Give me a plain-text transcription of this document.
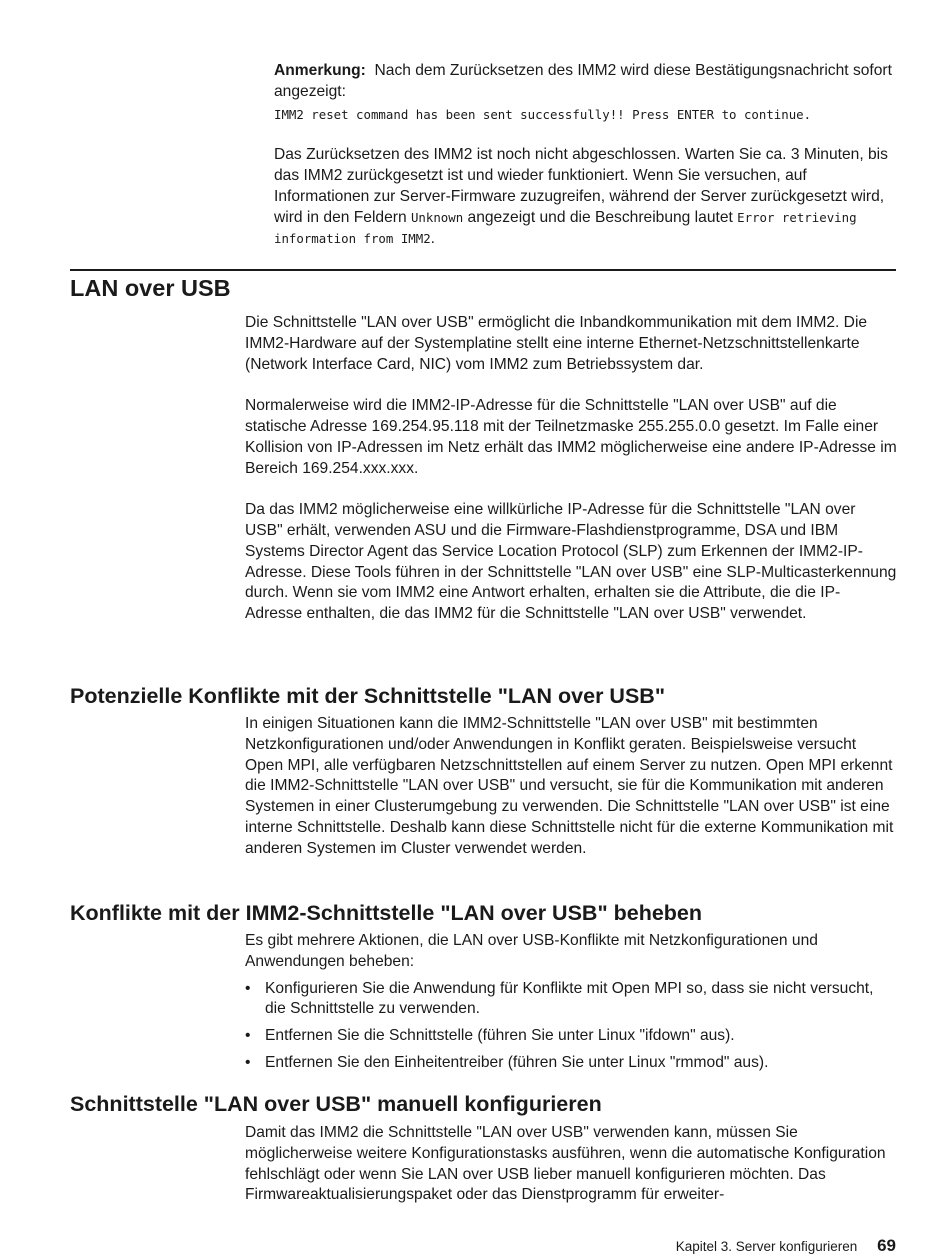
Anmerkung: Nach dem Zurücksetzen des IMM2 wird diese Bestätigungsnachricht sofort angezeigt:
IMM2 reset command has been sent successfully!! Press ENTER to continue.
Das Zurücksetzen des IMM2 ist noch nicht abgeschlossen. Warten Sie ca. 3 Minuten, bis das IMM2 zurückgesetzt ist und wieder funktioniert. Wenn Sie versuchen, auf Informationen zur Server-Firmware zuzugreifen, während der Server zurückgesetzt wird, wird in den Feldern Unknown angezeigt und die Beschreibung lautet Error retrieving information from IMM2.
LAN over USB

Die Schnittstelle "LAN over USB" ermöglicht die Inbandkommunikation mit dem IMM2. Die IMM2-Hardware auf der Systemplatine stellt eine interne Ethernet-Netzschnittstellenkarte (Network Interface Card, NIC) vom IMM2 zum Betriebssystem dar.

Normalerweise wird die IMM2-IP-Adresse für die Schnittstelle "LAN over USB" auf die statische Adresse 169.254.95.118 mit der Teilnetzmaske 255.255.0.0 gesetzt. Im Falle einer Kollision von IP-Adressen im Netz erhält das IMM2 möglicherweise eine andere IP-Adresse im Bereich 169.254.xxx.xxx.

Da das IMM2 möglicherweise eine willkürliche IP-Adresse für die Schnittstelle "LAN over USB" erhält, verwenden ASU und die Firmware-Flashdienstprogramme, DSA und IBM Systems Director Agent das Service Location Protocol (SLP) zum Erkennen der IMM2-IP-Adresse. Diese Tools führen in der Schnittstelle "LAN over USB" eine SLP-Multicasterkennung durch. Wenn sie vom IMM2 eine Antwort erhalten, erhalten sie die Attribute, die die IP-Adresse enthalten, die das IMM2 für die Schnittstelle "LAN over USB" verwendet.

Potenzielle Konflikte mit der Schnittstelle "LAN over USB"

In einigen Situationen kann die IMM2-Schnittstelle "LAN over USB" mit bestimmten Netzkonfigurationen und/oder Anwendungen in Konflikt geraten. Beispielsweise versucht Open MPI, alle verfügbaren Netzschnittstellen auf einem Server zu nutzen. Open MPI erkennt die IMM2-Schnittstelle "LAN over USB" und versucht, sie für die Kommunikation mit anderen Systemen in einer Clusterumgebung zu verwenden. Die Schnittstelle "LAN over USB" ist eine interne Schnittstelle. Deshalb kann diese Schnittstelle nicht für die externe Kommunikation mit anderen Systemen im Cluster verwendet werden.

Konflikte mit der IMM2-Schnittstelle "LAN over USB" beheben

Es gibt mehrere Aktionen, die LAN over USB-Konflikte mit Netzkonfigurationen und Anwendungen beheben:

• Konfigurieren Sie die Anwendung für Konflikte mit Open MPI so, dass sie nicht versucht, die Schnittstelle zu verwenden.
• Entfernen Sie die Schnittstelle (führen Sie unter Linux "ifdown" aus).
• Entfernen Sie den Einheitentreiber (führen Sie unter Linux "rmmod" aus).
Schnittstelle "LAN over USB" manuell konfigurieren

Damit das IMM2 die Schnittstelle "LAN over USB" verwenden kann, müssen Sie möglicherweise weitere Konfigurationstasks ausführen, wenn die automatische Konfiguration fehlschlägt oder wenn Sie LAN over USB lieber manuell konfigurieren möchten. Das Firmwareaktualisierungspaket oder das Dienstprogramm für erweiter-

Kapitel 3. Server konfigurieren 69
